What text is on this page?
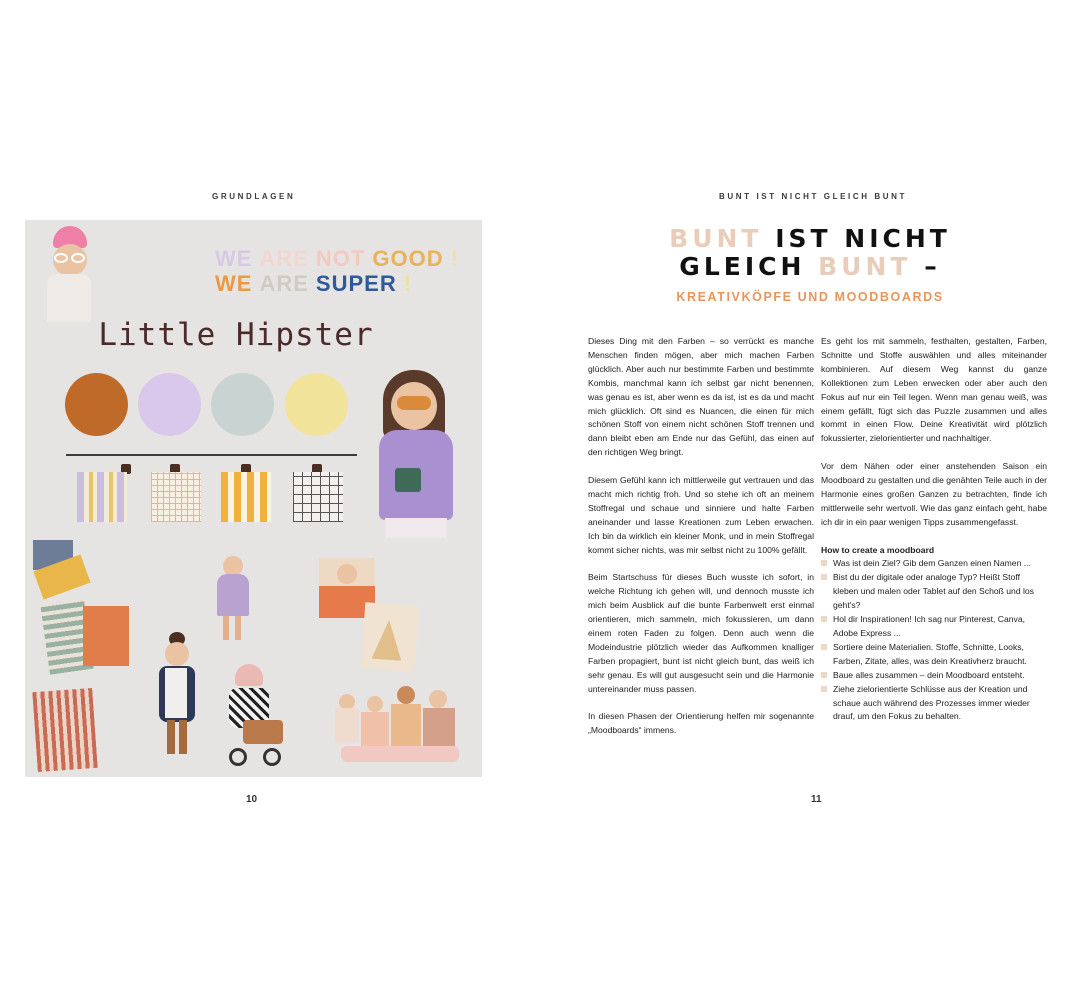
GRUNDLAGEN
WE ARE NOT GOOD !
WE ARE SUPER !
Little Hipster
10
BUNT IST NICHT GLEICH BUNT
BUNT IST NICHT
GLEICH BUNT –
KREATIVKÖPFE UND MOODBOARDS

Dieses Ding mit den Farben – so verrückt es manche Menschen finden mögen, aber mich machen Farben glücklich. Aber auch nur bestimmte Farben und bestimmte Kombis, manchmal kann ich selbst gar nicht benennen, was genau es ist, aber wenn es da ist, ist es da und macht mich glücklich. Oft sind es Nuancen, die einen für mich schönen Stoff von einem nicht schönen Stoff trennen und dann bleibt eben am Ende nur das Gefühl, das einen auf den richtigen Weg bringt.

Diesem Gefühl kann ich mittlerweile gut vertrauen und das macht mich richtig froh. Und so stehe ich oft an meinem Stoffregal und schaue und sinniere und halte Farben aneinander und lasse Kreationen zum Leben erwachen. Ich bin da wirklich ein kleiner Monk, und in mein Stoffregal kommt sicher nichts, was mir selbst nicht zu 100% gefällt.

Beim Startschuss für dieses Buch wusste ich sofort, in welche Richtung ich gehen will, und dennoch musste ich mich beim Ausblick auf die bunte Farbenwelt erst einmal orientieren, mich sammeln, mich fokussieren, um dann einem roten Faden zu folgen. Denn auch wenn die Modeindustrie plötzlich wieder das Aufkommen knalliger Farben propagiert, bunt ist nicht gleich bunt, das weiß ich sehr genau. Es will gut ausgesucht sein und die Harmonie untereinander muss passen.

In diesen Phasen der Orientierung helfen mir sogenannte „Moodboards“ immens.

Es geht los mit sammeln, festhalten, gestalten, Farben, Schnitte und Stoffe auswählen und alles miteinander kombinieren. Auf diesem Weg kannst du ganze Kollektionen zum Leben erwecken oder aber auch den Fokus auf nur ein Teil legen. Wenn man genau weiß, was einem gefällt, fügt sich das Puzzle zusammen und alles kommt in einen Flow. Deine Kreativität wird plötzlich fokussierter, zielorientierter und nachhaltiger.

Vor dem Nähen oder einer anstehenden Saison ein Moodboard zu gestalten und die genähten Teile auch in der Harmonie eines großen Ganzen zu betrachten, finde ich mittlerweile sehr wertvoll. Wie das ganz einfach geht, habe ich dir in ein paar wenigen Tipps zusammengefasst.

How to create a moodboard
Was ist dein Ziel? Gib dem Ganzen einen Namen ...
Bist du der digitale oder analoge Typ? Heißt Stoff kleben und malen oder Tablet auf den Schoß und los geht's?
Hol dir Inspirationen! Ich sag nur Pinterest, Canva, Adobe Express ...
Sortiere deine Materialien. Stoffe, Schnitte, Looks, Farben, Zitate, alles, was dein Kreativherz braucht.
Baue alles zusammen – dein Moodboard entsteht.
Ziehe zielorientierte Schlüsse aus der Kreation und schaue auch während des Prozesses immer wieder drauf, um den Fokus zu behalten.
11
